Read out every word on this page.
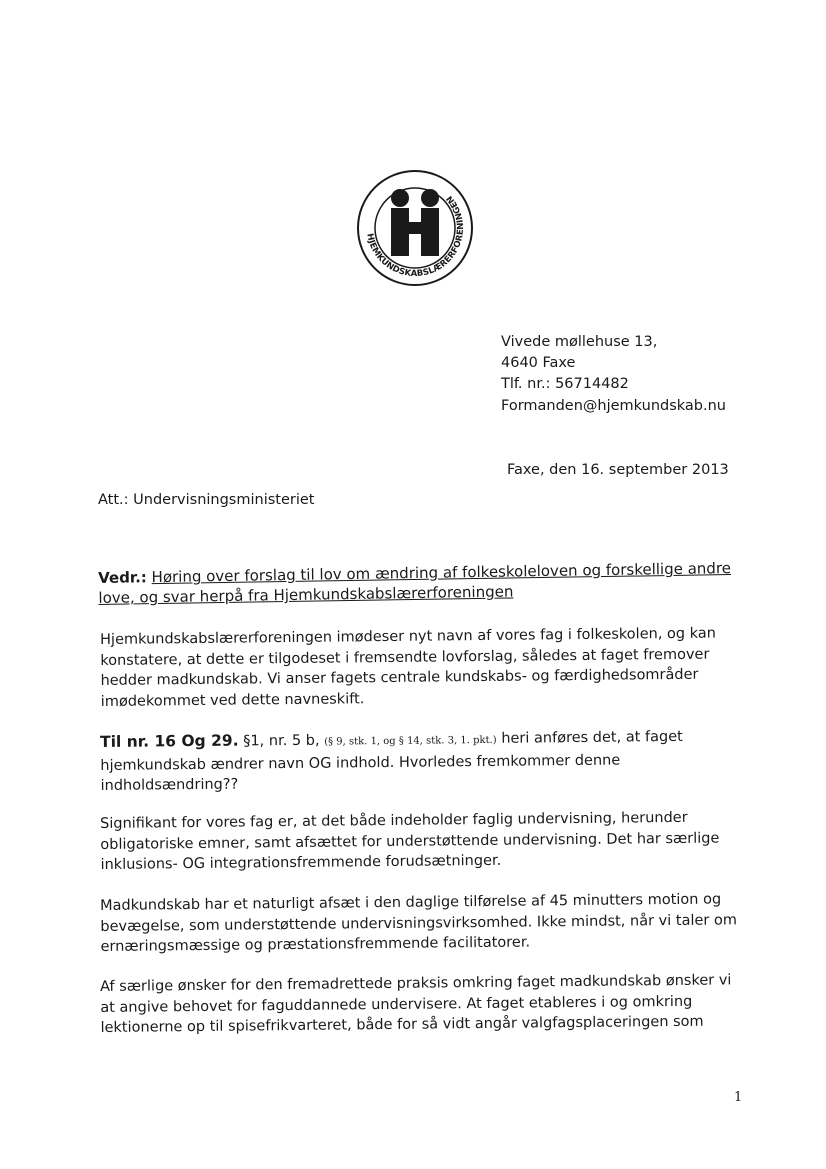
HJEMKUNDSKABSLÆRERFORENINGEN
Vivede møllehuse 13,
4640 Faxe
Tlf. nr.: 56714482
Formanden@hjemkundskab.nu
Faxe, den 16. september 2013
Att.: Undervisningsministeriet
Vedr.: Høring over forslag til lov om ændring af folkeskoleloven og forskellige andre love, og svar herpå fra Hjemkundskabslærerforeningen
Hjemkundskabslærerforeningen imødeser nyt navn af vores fag i folkeskolen, og kan konstatere, at dette er tilgodeset i fremsendte lovforslag, således at faget fremover hedder madkundskab. Vi anser fagets centrale kundskabs- og færdighedsområder imødekommet ved dette navneskift.
Til nr. 16 Og 29. §1, nr. 5 b, (§ 9, stk. 1, og § 14, stk. 3, 1. pkt.) heri anføres det, at faget hjemkundskab ændrer navn OG indhold. Hvorledes fremkommer denne indholdsændring??
Signifikant for vores fag er, at det både indeholder faglig undervisning, herunder obligatoriske emner, samt afsættet for understøttende undervisning. Det har særlige inklusions- OG integrationsfremmende forudsætninger.
Madkundskab har et naturligt afsæt i den daglige tilførelse af 45 minutters motion og bevægelse, som understøttende undervisningsvirksomhed. Ikke mindst, når vi taler om ernæringsmæssige og præstationsfremmende facilitatorer.
Af særlige ønsker for den fremadrettede praksis omkring faget madkundskab ønsker vi at angive behovet for faguddannede undervisere. At faget etableres i og omkring lektionerne op til spisefrikvarteret, både for så vidt angår valgfagsplaceringen som
1
